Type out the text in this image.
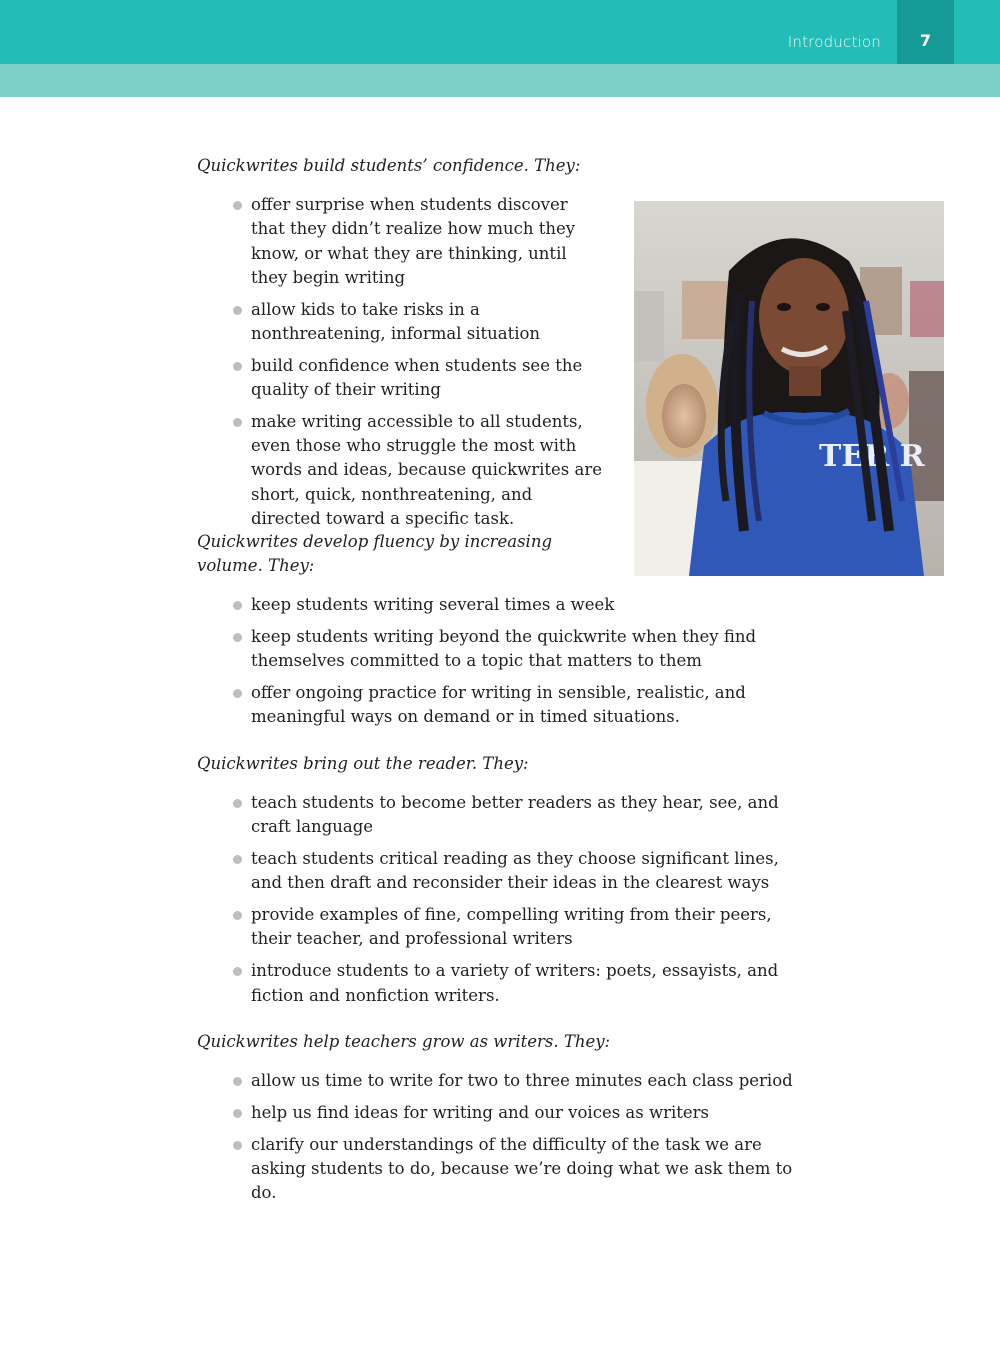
Introduction	7
TER R

Quickwrites build students’ confidence. They:

offer surprise when students discover that they didn’t realize how much they know, or what they are thinking, until they begin writing
allow kids to take risks in a nonthreatening, informal situation
build confidence when students see the quality of their writing
make writing accessible to all students, even those who struggle the most with words and ideas, because quickwrites are short, quick, nonthreatening, and directed toward a specific task.

Quickwrites develop fluency by increasing volume. They:

keep students writing several times a week
keep students writing beyond the quickwrite when they find themselves committed to a topic that matters to them
offer ongoing practice for writing in sensible, realistic, and meaningful ways on demand or in timed situations.

Quickwrites bring out the reader. They:

teach students to become better readers as they hear, see, and craft language
teach students critical reading as they choose significant lines, and then draft and reconsider their ideas in the clearest ways
provide examples of fine, compelling writing from their peers, their teacher, and professional writers
introduce students to a variety of writers: poets, essayists, and fiction and nonfiction writers.

Quickwrites help teachers grow as writers. They:

allow us time to write for two to three minutes each class period
help us find ideas for writing and our voices as writers
clarify our understandings of the difficulty of the task we are asking students to do, because we’re doing what we ask them to do.
